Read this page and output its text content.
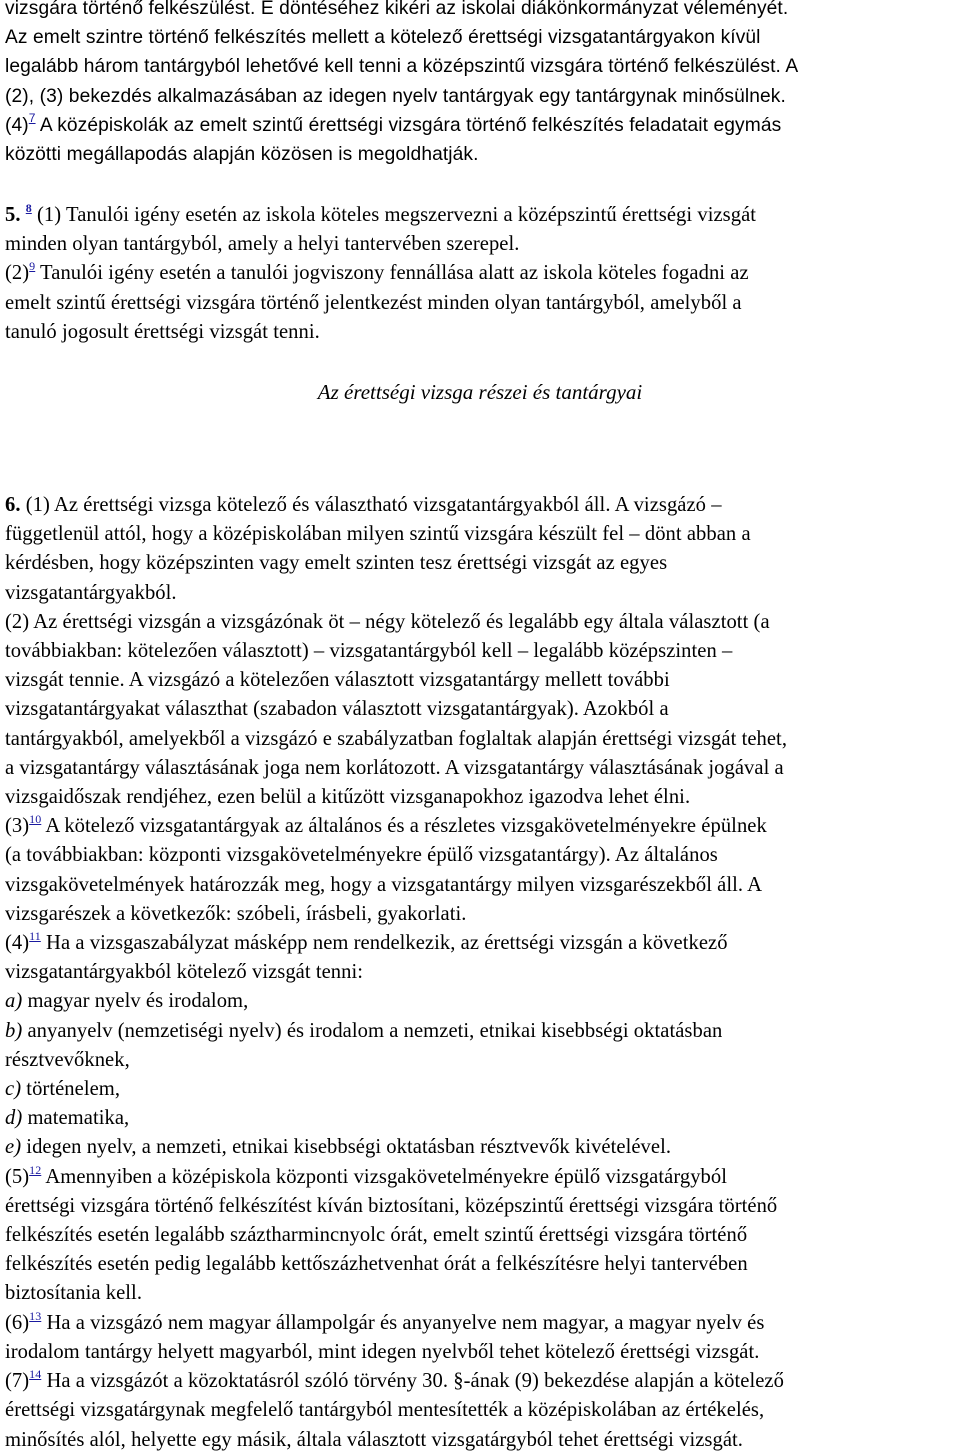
vizsgára történő felkészülést. E döntéséhez kikéri az iskolai diákönkormányzat véleményét.
Az emelt szintre történő felkészítés mellett a kötelező érettségi vizsgatantárgyakon kívül
legalább három tantárgyból lehetővé kell tenni a középszintű vizsgára történő felkészülést. A
(2), (3) bekezdés alkalmazásában az idegen nyelv tantárgyak egy tantárgynak minősülnek.
(4)$^7$ A középiskolák az emelt szintű érettségi vizsgára történő felkészítés feladatait egymás
közötti megállapodás alapján közösen is megoldhatják.
5. $^8$ (1) Tanulói igény esetén az iskola köteles megszervezni a középszintű érettségi vizsgát
minden olyan tantárgyból, amely a helyi tantervében szerepel.
(2)$^9$ Tanulói igény esetén a tanulói jogviszony fennállása alatt az iskola köteles fogadni az
emelt szintű érettségi vizsgára történő jelentkezést minden olyan tantárgyból, amelyből a
tanuló jogosult érettségi vizsgát tenni.
Az érettségi vizsga részei és tantárgyai
6. (1) Az érettségi vizsga kötelező és választható vizsgatantárgyakból áll. A vizsgázó –
függetlenül attól, hogy a középiskolában milyen szintű vizsgára készült fel – dönt abban a
kérdésben, hogy középszinten vagy emelt szinten tesz érettségi vizsgát az egyes
vizsgatantárgyakból.
(2) Az érettségi vizsgán a vizsgázónak öt – négy kötelező és legalább egy általa választott (a
továbbiakban: kötelezően választott) – vizsgatantárgyból kell – legalább középszinten –
vizsgát tennie. A vizsgázó a kötelezően választott vizsgatantárgy mellett további
vizsgatantárgyakat választhat (szabadon választott vizsgatantárgyak). Azokból a
tantárgyakból, amelyekből a vizsgázó e szabályzatban foglaltak alapján érettségi vizsgát tehet,
a vizsgatantárgy választásának joga nem korlátozott. A vizsgatantárgy választásának jogával a
vizsgaidőszak rendjéhez, ezen belül a kitűzött vizsganapokhoz igazodva lehet élni.
(3)$^{10}$ A kötelező vizsgatantárgyak az általános és a részletes vizsgakövetelményekre épülnek
(a továbbiakban: központi vizsgakövetelményekre épülő vizsgatantárgy). Az általános
vizsgakövetelmények határozzák meg, hogy a vizsgatantárgy milyen vizsgarészekből áll. A
vizsgarészek a következők: szóbeli, írásbeli, gyakorlati.
(4)$^{11}$ Ha a vizsgaszabályzat másképp nem rendelkezik, az érettségi vizsgán a következő
vizsgatantárgyakból kötelező vizsgát tenni:
a) magyar nyelv és irodalom,
b) anyanyelv (nemzetiségi nyelv) és irodalom a nemzeti, etnikai kisebbségi oktatásban
résztvevőknek,
c) történelem,
d) matematika,
e) idegen nyelv, a nemzeti, etnikai kisebbségi oktatásban résztvevők kivételével.
(5)$^{12}$ Amennyiben a középiskola központi vizsgakövetelményekre épülő vizsgatárgyból
érettségi vizsgára történő felkészítést kíván biztosítani, középszintű érettségi vizsgára történő
felkészítés esetén legalább száztharmincnyolc órát, emelt szintű érettségi vizsgára történő
felkészítés esetén pedig legalább kettőszázhetvenhat órát a felkészítésre helyi tantervében
biztosítania kell.
(6)$^{13}$ Ha a vizsgázó nem magyar állampolgár és anyanyelve nem magyar, a magyar nyelv és
irodalom tantárgy helyett magyarból, mint idegen nyelvből tehet kötelező érettségi vizsgát.
(7)$^{14}$ Ha a vizsgázót a közoktatásról szóló törvény 30. §-ának (9) bekezdése alapján a kötelező
érettségi vizsgatárgynak megfelelő tantárgyból mentesítették a középiskolában az értékelés,
minősítés alól, helyette egy másik, általa választott vizsgatárgyból tehet érettségi vizsgát.
